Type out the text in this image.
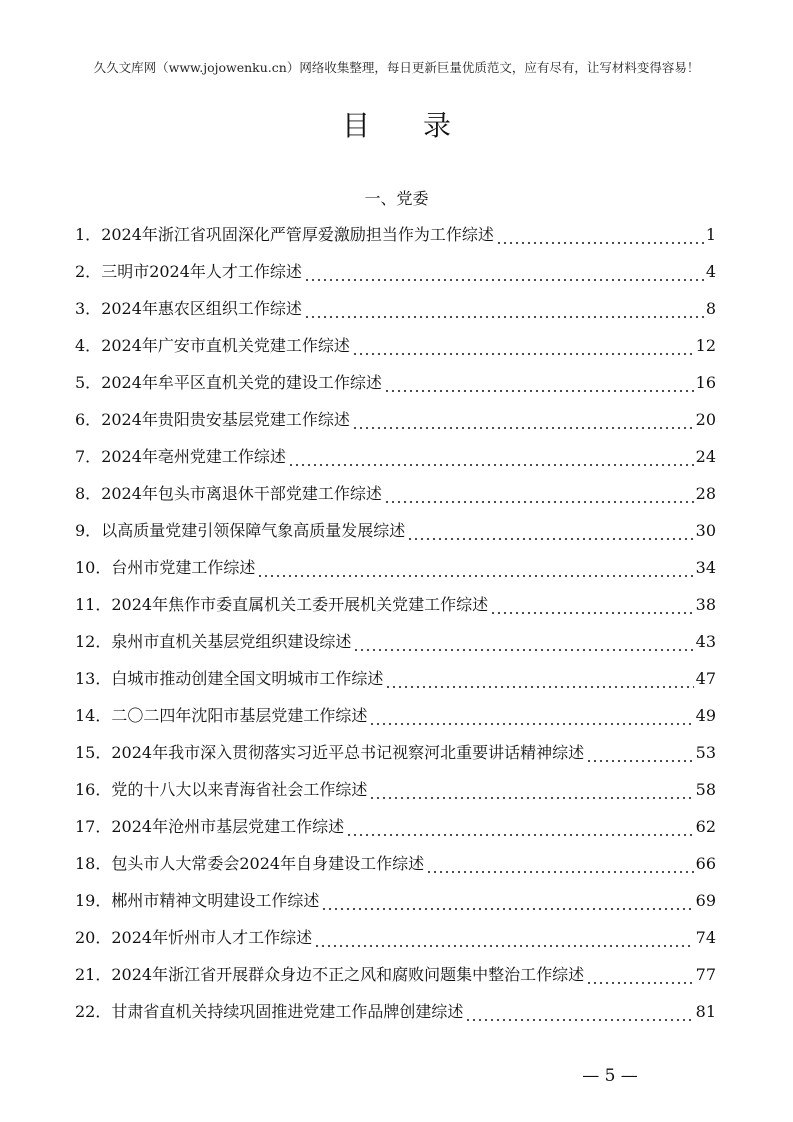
久久文库网（www.jojowenku.cn）网络收集整理，每日更新巨量优质范文，应有尽有，让写材料变得容易！
目 录
一、党委
1． 2024年浙江省巩固深化严管厚爱激励担当作为工作综述	1
2． 三明市2024年人才工作综述	4
3． 2024年惠农区组织工作综述	8
4． 2024年广安市直机关党建工作综述	12
5． 2024年牟平区直机关党的建设工作综述	16
6． 2024年贵阳贵安基层党建工作综述	20
7． 2024年亳州党建工作综述	24
8． 2024年包头市离退休干部党建工作综述	28
9． 以高质量党建引领保障气象高质量发展综述	30
10． 台州市党建工作综述	34
11． 2024年焦作市委直属机关工委开展机关党建工作综述	38
12． 泉州市直机关基层党组织建设综述	43
13． 白城市推动创建全国文明城市工作综述	47
14． 二〇二四年沈阳市基层党建工作综述	49
15． 2024年我市深入贯彻落实习近平总书记视察河北重要讲话精神综述	53
16． 党的十八大以来青海省社会工作综述	58
17． 2024年沧州市基层党建工作综述	62
18． 包头市人大常委会2024年自身建设工作综述	66
19． 郴州市精神文明建设工作综述	69
20． 2024年忻州市人才工作综述	74
21． 2024年浙江省开展群众身边不正之风和腐败问题集中整治工作综述	77
22． 甘肃省直机关持续巩固推进党建工作品牌创建综述	81
— 5 —
